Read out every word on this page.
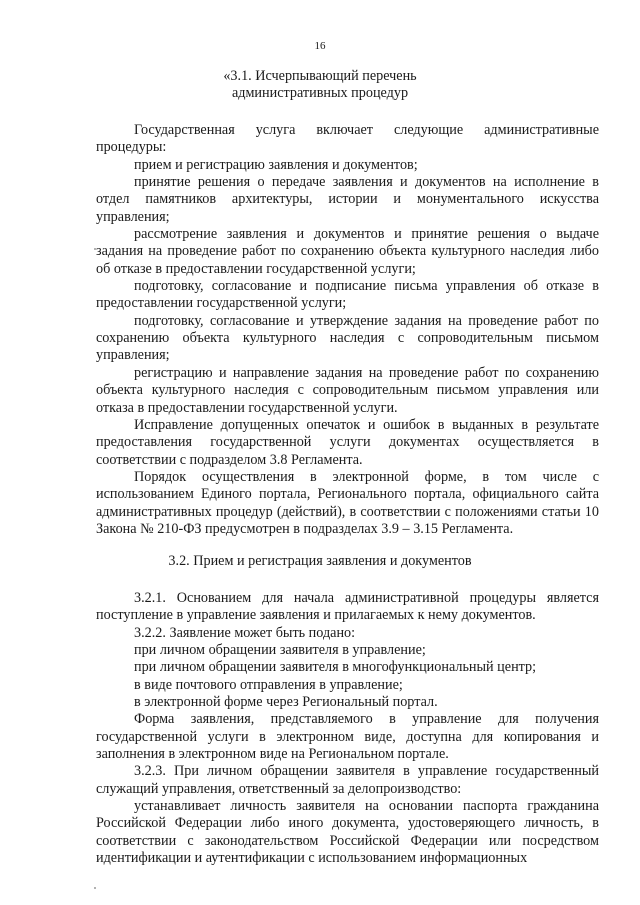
16
«3.1. Исчерпывающий перечень
административных процедур

Государственная услуга включает следующие административные процедуры:

прием и регистрацию заявления и документов;

принятие решения о передаче заявления и документов на исполнение в отдел памятников архитектуры, истории и монументального искусства управления;

рассмотрение заявления и документов и принятие решения о выдаче задания на проведение работ по сохранению объекта культурного наследия либо об отказе в предоставлении государственной услуги;

подготовку, согласование и подписание письма управления об отказе в предоставлении государственной услуги;

подготовку, согласование и утверждение задания на проведение работ по сохранению объекта культурного наследия с сопроводительным письмом управления;

регистрацию и направление задания на проведение работ по сохранению объекта культурного наследия с сопроводительным письмом управления или отказа в предоставлении государственной услуги.

Исправление допущенных опечаток и ошибок в выданных в результате предоставления государственной услуги документах осуществляется в соответствии с подразделом 3.8 Регламента.

Порядок осуществления в электронной форме, в том числе с использованием Единого портала, Регионального портала, официального сайта административных процедур (действий), в соответствии с положениями статьи 10 Закона № 210-ФЗ предусмотрен в подразделах 3.9 – 3.15 Регламента.

3.2. Прием и регистрация заявления и документов

3.2.1. Основанием для начала административной процедуры является поступление в управление заявления и прилагаемых к нему документов.

3.2.2. Заявление может быть подано:

при личном обращении заявителя в управление;

при личном обращении заявителя в многофункциональный центр;

в виде почтового отправления в управление;

в электронной форме через Региональный портал.

Форма заявления, представляемого в управление для получения государственной услуги в электронном виде, доступна для копирования и заполнения в электронном виде на Региональном портале.

3.2.3. При личном обращении заявителя в управление государственный служащий управления, ответственный за делопроизводство:

устанавливает личность заявителя на основании паспорта гражданина Российской Федерации либо иного документа, удостоверяющего личность, в соответствии с законодательством Российской Федерации или посредством идентификации и аутентификации с использованием информационных
